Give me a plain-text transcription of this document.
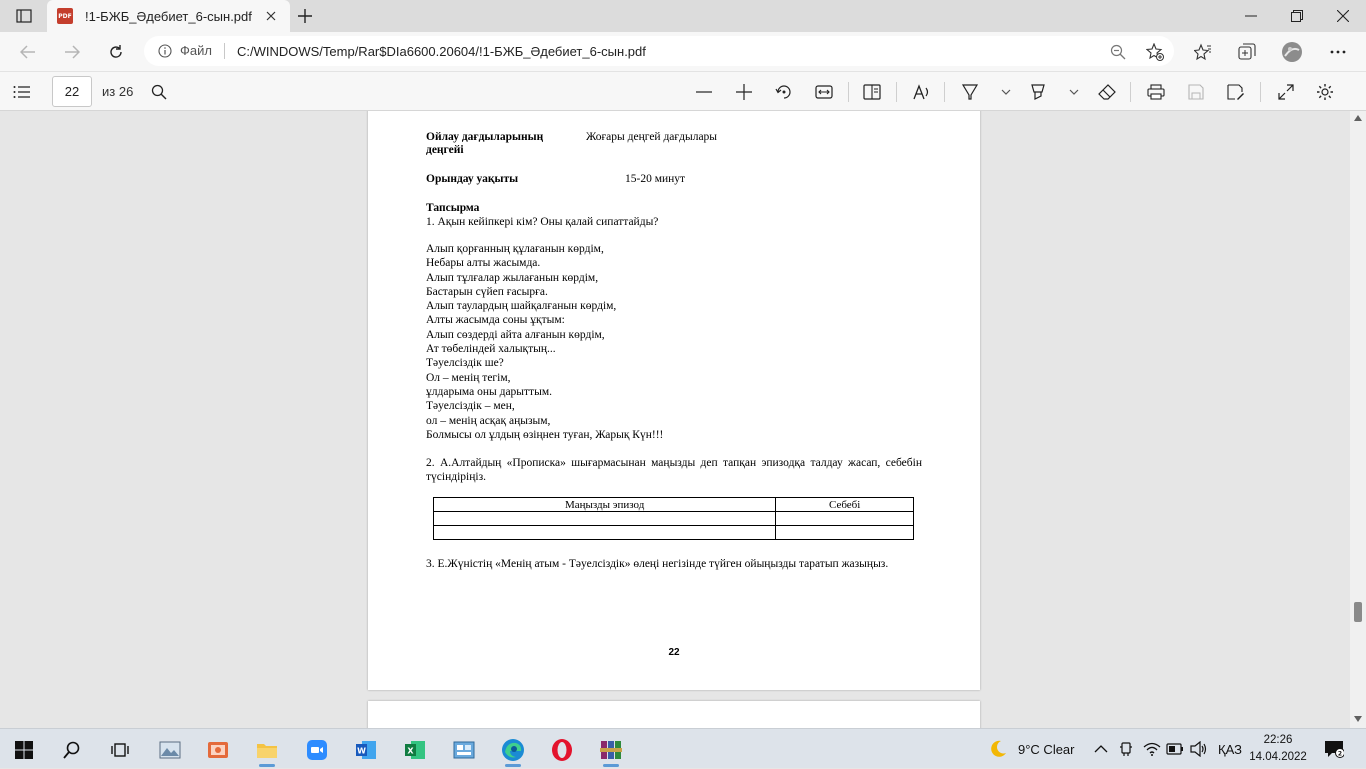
PDF !1-БЖБ_Әдебиет_6-сын.pdf
Файл	C:/WINDOWS/Temp/Rar$DIa6600.20604/!1-БЖБ_Әдебиет_6-сын.pdf
22	из 26
Ойлау дағдыларының
деңгейі
Жоғары деңгей дағдылары
Орындау уақыты	15-20 минут
Тапсырма
1. Ақын кейіпкері кім? Оны қалай сипаттайды?
Алып қорғанның құлағанын көрдім,
Небары алты жасымда.
Алып тұлғалар жылағанын көрдім,
Бастарын сүйеп ғасырға.
Алып таулардың шайқалғанын көрдім,
Алты жасымда соны ұқтым:
Алып сөздерді айта алғанын көрдім,
Ат төбеліндей халықтың...
Тәуелсіздік ше?
Ол – менің тегім,
ұлдарыма оны дарыттым.
Тәуелсіздік – мен,
ол – менің асқақ аңызым,
Болмысы ол ұлдың өзіңнен туған, Жарық Күн!!!
2. А.Алтайдың «Прописка» шығармасынан маңызды деп тапқан эпизодқа талдау жасап, себебін түсіндіріңіз.
Маңызды эпизод	Себебі

3. Е.Жүністің «Менің атым - Тәуелсіздік» өлеңі негізінде түйген ойыңызды таратып жазыңыз.
22
W	X	9°C Clear	ҚАЗ
22:26
14.04.2022	2
